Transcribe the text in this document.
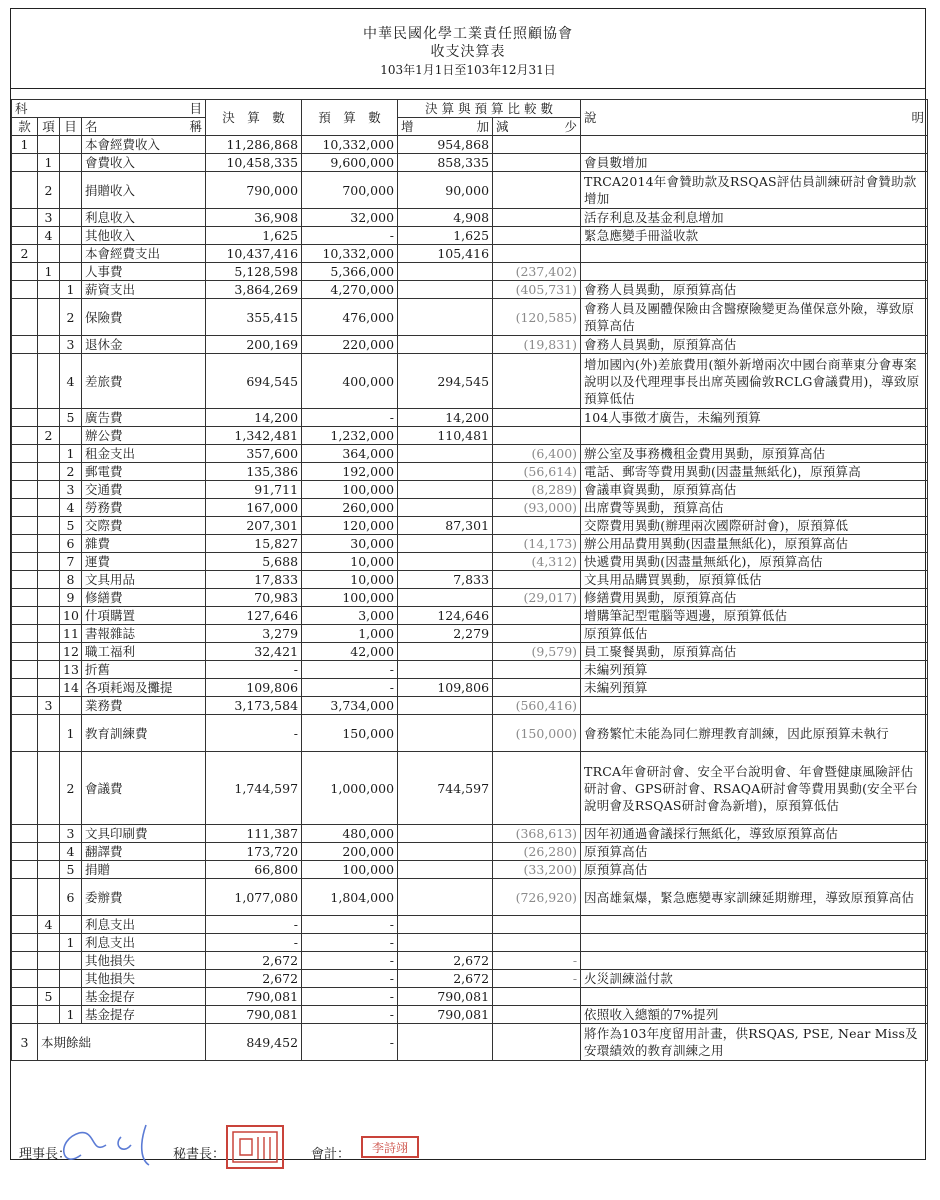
中華民國化學工業責任照顧協會
收支決算表
103年1月1日至103年12月31日
科 目				決　算　數	預　算　數	決 算 與 預 算 比 較 數		說 明

款	項	目	名 稱			增 加	減 少	

1			本會經費收入	11,286,868	10,332,000	954,868		
	1		會費收入	10,458,335	9,600,000	858,335		會員數增加
	2		捐贈收入	790,000	700,000	90,000		TRCA2014年會贊助款及RSQAS評估員訓練研討會贊助款增加
	3		利息收入	36,908	32,000	4,908		活存利息及基金利息增加
	4		其他收入	1,625	-	1,625		緊急應變手冊溢收款
2			本會經費支出	10,437,416	10,332,000	105,416		
	1		人事費	5,128,598	5,366,000		(237,402)	
		1	薪資支出	3,864,269	4,270,000		(405,731)	會務人員異動，原預算高估
		2	保險費	355,415	476,000		(120,585)	會務人員及團體保險由含醫療險變更為僅保意外險，導致原預算高估
		3	退休金	200,169	220,000		(19,831)	會務人員異動，原預算高估
		4	差旅費	694,545	400,000	294,545		增加國內(外)差旅費用(額外新增兩次中國台商華東分會專案說明以及代理理事長出席英國倫敦RCLG會議費用)，導致原預算低估
		5	廣告費	14,200	-	14,200		104人事徵才廣告，未編列預算
	2		辦公費	1,342,481	1,232,000	110,481		
		1	租金支出	357,600	364,000		(6,400)	辦公室及事務機租金費用異動，原預算高估
		2	郵電費	135,386	192,000		(56,614)	電話、郵寄等費用異動(因盡量無紙化)，原預算高
		3	交通費	91,711	100,000		(8,289)	會議車資異動，原預算高估
		4	勞務費	167,000	260,000		(93,000)	出席費等異動，預算高估
		5	交際費	207,301	120,000	87,301		交際費用異動(辦理兩次國際研討會)，原預算低
		6	雜費	15,827	30,000		(14,173)	辦公用品費用異動(因盡量無紙化)，原預算高估
		7	運費	5,688	10,000		(4,312)	快遞費用異動(因盡量無紙化)，原預算高估
		8	文具用品	17,833	10,000	7,833		文具用品購買異動，原預算低估
		9	修繕費	70,983	100,000		(29,017)	修繕費用異動，原預算高估
		10	什項購置	127,646	3,000	124,646		增購筆記型電腦等週邊，原預算低估
		11	書報雜誌	3,279	1,000	2,279		原預算低估
		12	職工福利	32,421	42,000		(9,579)	員工聚餐異動，原預算高估
		13	折舊	-	-			未編列預算
		14	各項耗竭及攤提	109,806	-	109,806		未編列預算
	3		業務費	3,173,584	3,734,000		(560,416)	
		1	教育訓練費	-	150,000		(150,000)	會務繁忙未能為同仁辦理教育訓練，因此原預算未執行
		2	會議費	1,744,597	1,000,000	744,597		TRCA年會研討會、安全平台說明會、年會暨健康風險評估研討會、GPS研討會、RSAQA研討會等費用異動(安全平台說明會及RSQAS研討會為新增)，原預算低估
		3	文具印刷費	111,387	480,000		(368,613)	因年初通過會議採行無紙化，導致原預算高估
		4	翻譯費	173,720	200,000		(26,280)	原預算高估
		5	捐贈	66,800	100,000		(33,200)	原預算高估
		6	委辦費	1,077,080	1,804,000		(726,920)	因高雄氣爆，緊急應變專家訓練延期辦理，導致原預算高估
	4		利息支出	-	-			
		1	利息支出	-	-			
			其他損失	2,672	-	2,672	-	
			其他損失	2,672	-	2,672	-	火災訓練溢付款
	5		基金提存	790,081	-	790,081		
		1	基金提存	790,081	-	790,081		依照收入總額的7%提列
3	本期餘絀			849,452	-			將作為103年度留用計畫，供RSQAS, PSE, Near Miss及安環績效的教育訓練之用
理事長：	秘書長：	會計：	李詩翊
